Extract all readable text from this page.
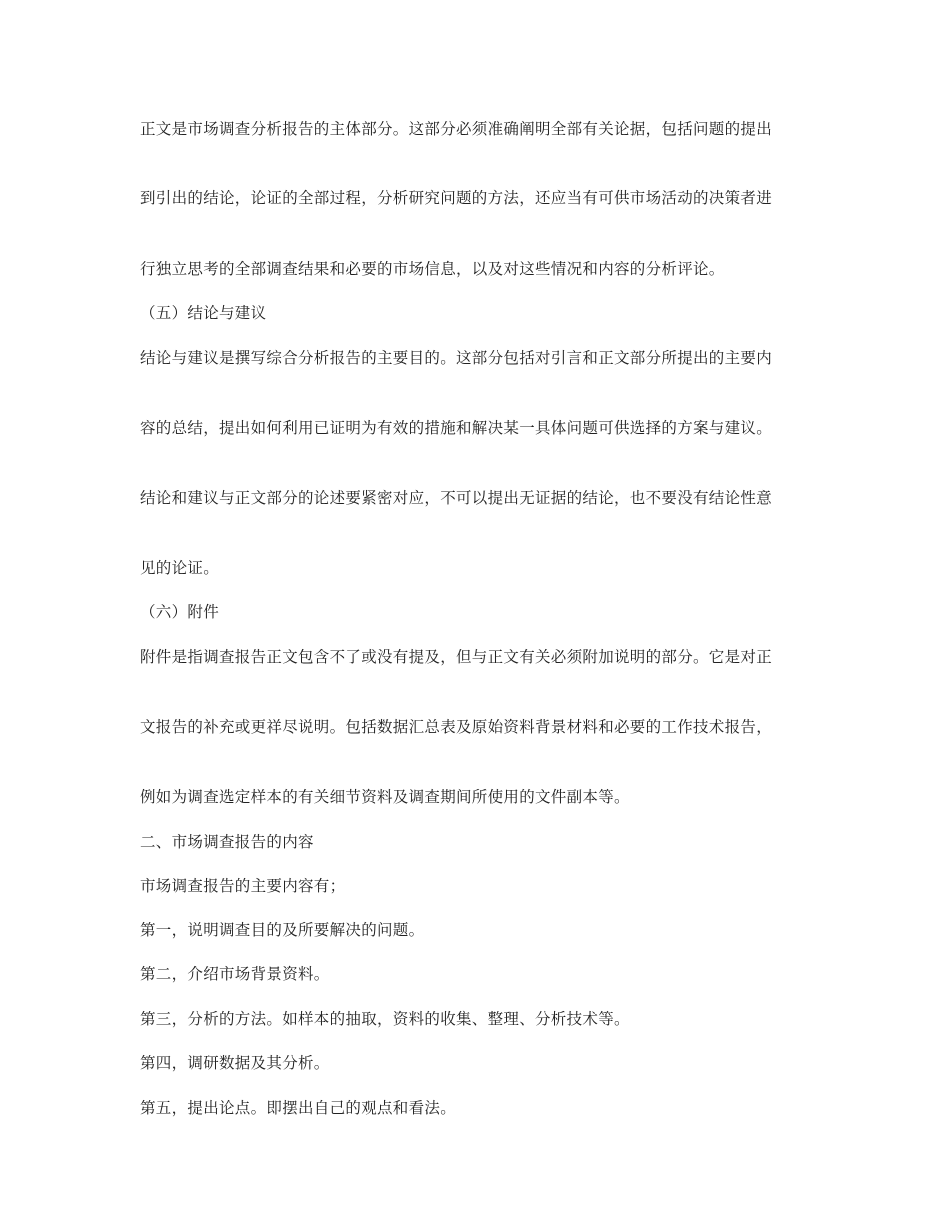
正文是市场调查分析报告的主体部分。这部分必须准确阐明全部有关论据，包括问题的提出

到引出的结论，论证的全部过程，分析研究问题的方法，还应当有可供市场活动的决策者进

行独立思考的全部调查结果和必要的市场信息，以及对这些情况和内容的分析评论。

（五）结论与建议

结论与建议是撰写综合分析报告的主要目的。这部分包括对引言和正文部分所提出的主要内

容的总结，提出如何利用已证明为有效的措施和解决某一具体问题可供选择的方案与建议。

结论和建议与正文部分的论述要紧密对应，不可以提出无证据的结论，也不要没有结论性意

见的论证。

（六）附件

附件是指调查报告正文包含不了或没有提及，但与正文有关必须附加说明的部分。它是对正

文报告的补充或更祥尽说明。包括数据汇总表及原始资料背景材料和必要的工作技术报告，

例如为调查选定样本的有关细节资料及调查期间所使用的文件副本等。

二、市场调查报告的内容

市场调查报告的主要内容有；

第一，说明调查目的及所要解决的问题。

第二，介绍市场背景资料。

第三，分析的方法。如样本的抽取，资料的收集、整理、分析技术等。

第四，调研数据及其分析。

第五，提出论点。即摆出自己的观点和看法。
